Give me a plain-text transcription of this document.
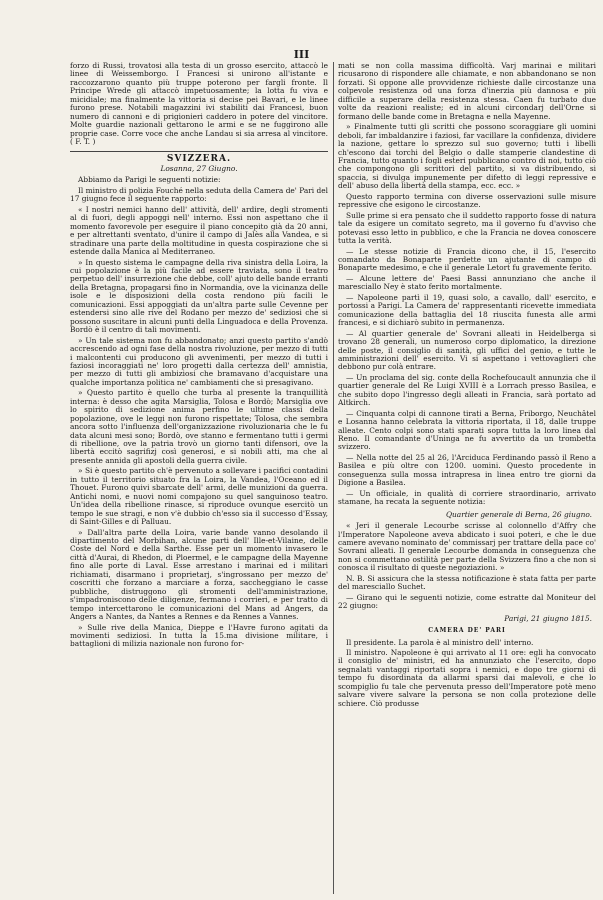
III

forzo di Russi, trovatosi alla testa di un grosso esercito, attaccò le linee di Weissemborgo. I Francesi si unirono all'istante e raccozzarono quanto più truppe poterono per fargli fronte. Il Principe Wrede gli attaccò impetuosamente; la lotta fu viva e micidiale; ma finalmente la vittoria si decise pei Bavari, e le linee furono prese. Notabili magazzini ivi stabiliti dai Francesi, buon numero di cannoni e di prigionieri caddero in potere del vincitore. Molte guardie nazionali gettarono le armi e se ne fuggirono alle proprie case. Corre voce che anche Landau si sia arresa al vincitore. ( F. T. )

SVIZZERA.
Losanna, 27 Giugno.

Abbiamo da Parigi le seguenti notizie:

Il ministro di polizia Fouché nella seduta della Camera de' Pari del 17 giugno fece il seguente rapporto:

« I nostri nemici hanno dell' attività, dell' ardire, degli stromenti al di fuori, degli appoggi nell' interno. Essi non aspettano che il momento favorevole per eseguire il piano concepito già da 20 anni, e per altrettanti sventato, d'unire il campo di Jalès alla Vandea, e si stradinare una parte della moltitudine in questa cospirazione che si estende dalla Manica al Mediterraneo.

» In questo sistema le campagne della riva sinistra della Loira, la cui popolazione è la più facile ad essere traviata, sono il teatro perpetuo dell' insurrezione che debbe, coll' ajuto delle bande erranti della Bretagna, propagarsi fino in Normandia, ove la vicinanza delle isole e le disposizioni della costa rendono più facili le comunicazioni. Essi appoggiati da un'altra parte sulle Cevenne per estendersi sino alle rive del Rodano per mezzo de' sediziosi che si possono suscitare in alcuni punti della Linguadoca e della Provenza. Bordò è il centro di tali movimenti.

» Un tale sistema non fu abbandonato; anzi questo partito s'andò accrescendo ad ogni fase della nostra rivoluzione, per mezzo di tutti i malcontenti cui producono gli avvenimenti, per mezzo di tutti i faziosi incoraggiati ne' loro progetti dalla certezza dell' amnistia, per mezzo di tutti gli ambiziosi che bramavano d'acquistare una qualche importanza politica ne' cambiamenti che si presagivano.

» Questo partito è quello che turba al presente la tranquillità interna: è desso che agita Marsiglia, Tolosa e Bordò; Marsiglia ove lo spirito di sedizione anima perfino le ultime classi della popolazione, ove le leggi non furono rispettate; Tolosa, che sembra ancora sotto l'influenza dell'organizzazione rivoluzionaria che le fu data alcuni mesi sono; Bordò, ove stanno e fermentano tutti i germi di ribellione, ove la patria trovò un giorno tanti difensori, ove la libertà eccitò sagrifizj così generosi, e si nobili atti, ma che al presente annida gli apostoli della guerra civile.

» Si è questo partito ch'è pervenuto a sollevare i pacifici contadini in tutto il territorio situato fra la Loira, la Vandea, l'Oceano ed il Thouet. Furono quivi sbarcate dell' armi, delle munizioni da guerra. Antichi nomi, e nuovi nomi compajono su quel sanguinoso teatro. Un'idea della ribellione rinasce, si riproduce ovunque esercitò un tempo le sue stragi, e non v'è dubbio ch'esso sia il successo d'Essay, di Saint-Gilles e di Palluau.

» Dall'altra parte della Loira, varie bande vanno desolando il dipartimento del Morbihan, alcune parti dell' Ille-et-Vilaine, delle Coste del Nord e della Sarthe. Esse per un momento invasero le città d'Aurai, di Rhedon, di Ploermel, e le campagne della Mayenne fino alle porte di Laval. Esse arrestano i marinai ed i militari richiamati, disarmano i proprietarj, s'ingrossano per mezzo de' coscritti che forzano a marciare a forza, saccheggiano le casse pubbliche, distruggono gli stromenti dell'amministrazione, s'impadroniscono delle diligenze, fermano i corrieri, e per tratto di tempo intercettarono le comunicazioni del Mans ad Angers, da Angers a Nantes, da Nantes a Rennes e da Rennes a Vannes.

» Sulle rive della Manica, Dieppe e l'Havre furono agitati da movimenti sediziosi. In tutta la 15.ma divisione militare, i battaglioni di milizia nazionale non furono for-

mati se non colla massima difficoltà. Varj marinai e militari ricusarono di rispondere alle chiamate, e non abbandonano se non forzati. Si oppone alle provvidenze richieste dalle circostanze una colpevole resistenza od una forza d'inerzia più dannosa e più difficile a superare della resistenza stessa. Caen fu turbato due volte da reazioni realiste; ed in alcuni circondarj dell'Orne si formano delle bande come in Bretagna e nella Mayenne.

» Finalmente tutti gli scritti che possono scoraggiare gli uomini deboli, far imbaldanzire i faziosi, far vacillare la confidenza, dividere la nazione, gettare lo sprezzo sul suo governo; tutti i libelli ch'escono dai torchi del Belgio o dalle stamperie clandestine di Francia, tutto quanto i fogli esteri pubblicano contro di noi, tutto ciò che compongono gli scrittori del partito, si va distribuendo, si spaccia, si divulga impunemente per difetto di leggi repressive e dell' abuso della libertà della stampa, ecc. ecc. »

Questo rapporto termina con diverse osservazioni sulle misure repressive che esigono le circostanze.

Sulle prime si era pensato che il suddetto rapporto fosse di natura tale da esigere un comitato segreto, ma il governo fu d'avviso che potevasi esso letto in pubblico, e che la Francia ne dovea conoscere tutta la verità.

— Le stesse notizie di Francia dicono che, il 15, l'esercito comandato da Bonaparte perdette un ajutante di campo di Bonaparte medesimo, e che il generale Letort fu gravemente ferito.

— Alcune lettere de' Paesi Bassi annunziano che anche il maresciallo Ney è stato ferito mortalmente.

— Napoleone partì il 19, quasi solo, a cavallo, dall' esercito, e portossi a Parigi. La Camera de' rappresentanti ricevette immediata comunicazione della battaglia del 18 riuscita funesta alle armi francesi, e si dichiarò subito in permanenza.

— Al quartier generale de' Sovrani alleati in Heidelberga si trovano 28 generali, un numeroso corpo diplomatico, la direzione delle poste, il consiglio di sanità, gli uffici del genio, e tutte le amministrazioni dell' esercito. Vi si aspettano i vettovaglieri che debbono pur colà entrare.

— Un proclama del sig. conte della Rochefoucault annunzia che il quartier generale del Re Luigi XVIII è a Lorrach presso Basilea, e che subito dopo l'ingresso degli alleati in Francia, sarà portato ad Altkirch.

— Cinquanta colpi di cannone tirati a Berna, Friborgo, Neuchâtel e Losanna hanno celebrata la vittoria riportata, il 18, dalle truppe alleate. Cento colpi sono stati sparati sopra tutta la loro linea dal Reno. Il comandante d'Uninga ne fu avvertito da un trombetta svizzero.

— Nella notte del 25 al 26, l'Arciduca Ferdinando passò il Reno a Basilea e più oltre con 1200. uomini. Questo procedente in conseguenza sulla mossa intrapresa in linea entro tre giorni da Digione a Basilea.

— Un officiale, in qualità di corriere straordinario, arrivato stamane, ha recata la seguente notizia:

Quartier generale di Berna, 26 giugno.

« Jeri il generale Lecourbe scrisse al colonnello d'Affry che l'Imperatore Napoleone aveva abdicato i suoi poteri, e che le due camere avevano nominato de' commissarj per trattare della pace co' Sovrani alleati. Il generale Lecourbe domanda in conseguenza che non si commettano ostilità per parte della Svizzera fino a che non si conosca il risultato di queste negoziazioni. »

N. B. Si assicura che la stessa notificazione è stata fatta per parte del maresciallo Suchet.

— Girano qui le seguenti notizie, come estratte dal Moniteur del 22 giugno:

Parigi, 21 giugno 1815.
CAMERA DE' PARI

Il presidente. La parola è al ministro dell' interno.

Il ministro. Napoleone è qui arrivato al 11 ore: egli ha convocato il consiglio de' ministri, ed ha annunziato che l'esercito, dopo segnalati vantaggi riportati sopra i nemici, e dopo tre giorni di tempo fu disordinata da allarmi sparsi dai malevoli, e che lo scompiglio fu tale che pervenuta presso dell'Imperatore potè meno salvare vivere salvare la persona se non colla protezione delle schiere. Ciò produsse
